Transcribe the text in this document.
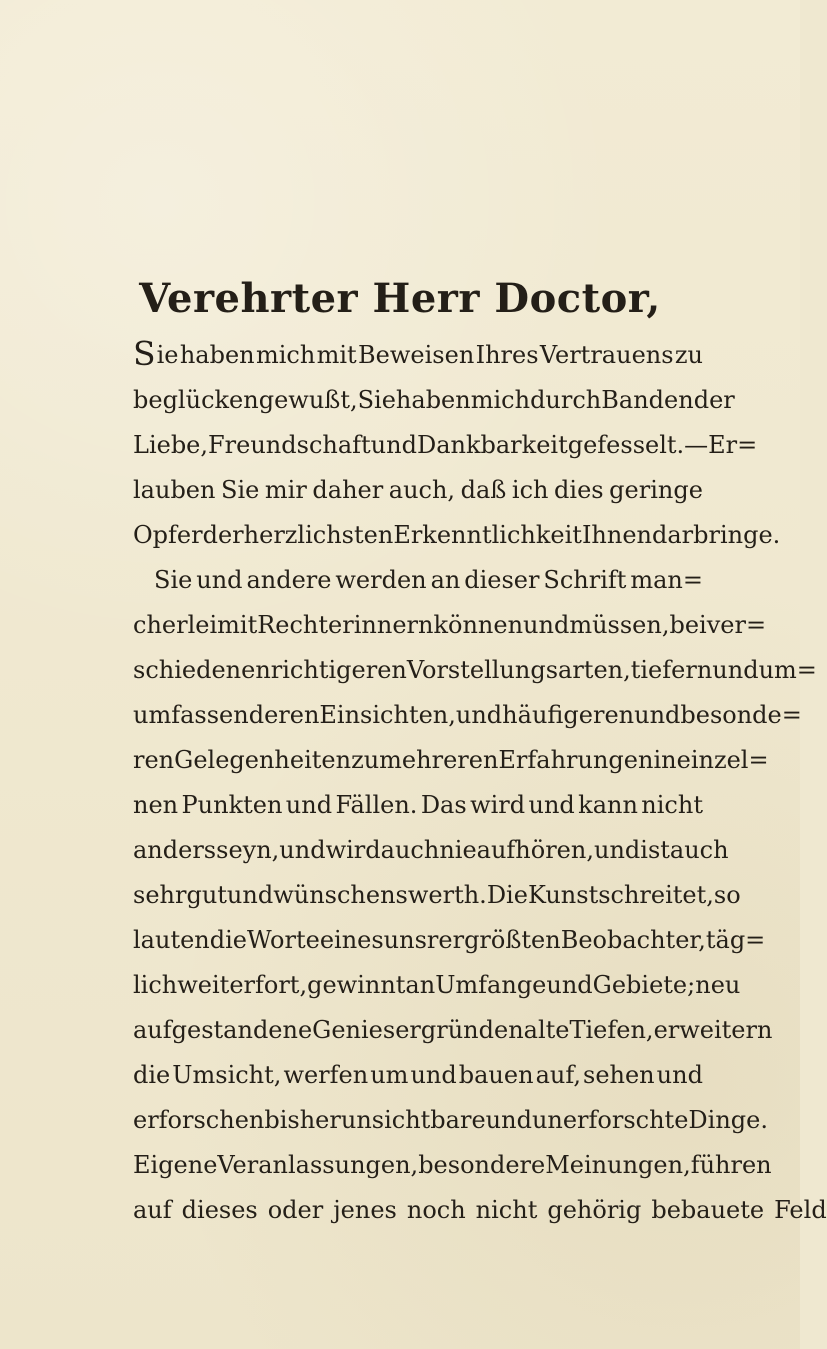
Verehrter Herr Doctor,
Sie haben mich mit Beweisen Ihres Vertrauens zu
beglücken gewußt, Sie haben mich durch Banden der
Liebe, Freundschaft und Dankbarkeit gefesselt. — Er=
lauben Sie mir daher auch, daß ich dies geringe
Opfer der herzlichsten Erkenntlichkeit Ihnen darbringe.
Sie und andere werden an dieser Schrift man=
cherlei mit Recht erinnern können und müssen, bei ver=
schiedenen richtigeren Vorstellungsarten, tiefern und um=
umfassenderen Einsichten, und häufigeren und besonde=
ren Gelegenheiten zu mehreren Erfahrungen in einzel=
nen Punkten und Fällen. Das wird und kann nicht
anders seyn, und wird auch nie aufhören, und ist auch
sehr gut und wünschenswerth. Die Kunst schreitet, so
lauten die Worte eines unsrer größten Beobachter, täg=
lich weiter fort, gewinnt an Umfange und Gebiete; neu
aufgestandene Genies ergründen alte Tiefen, erweitern
die Umsicht, werfen um und bauen auf, sehen und
erforschen bisher unsichtbare und unerforschte Dinge.
Eigene Veranlassungen, besondere Meinungen, führen
auf dieses oder jenes noch nicht gehörig bebauete Feld
